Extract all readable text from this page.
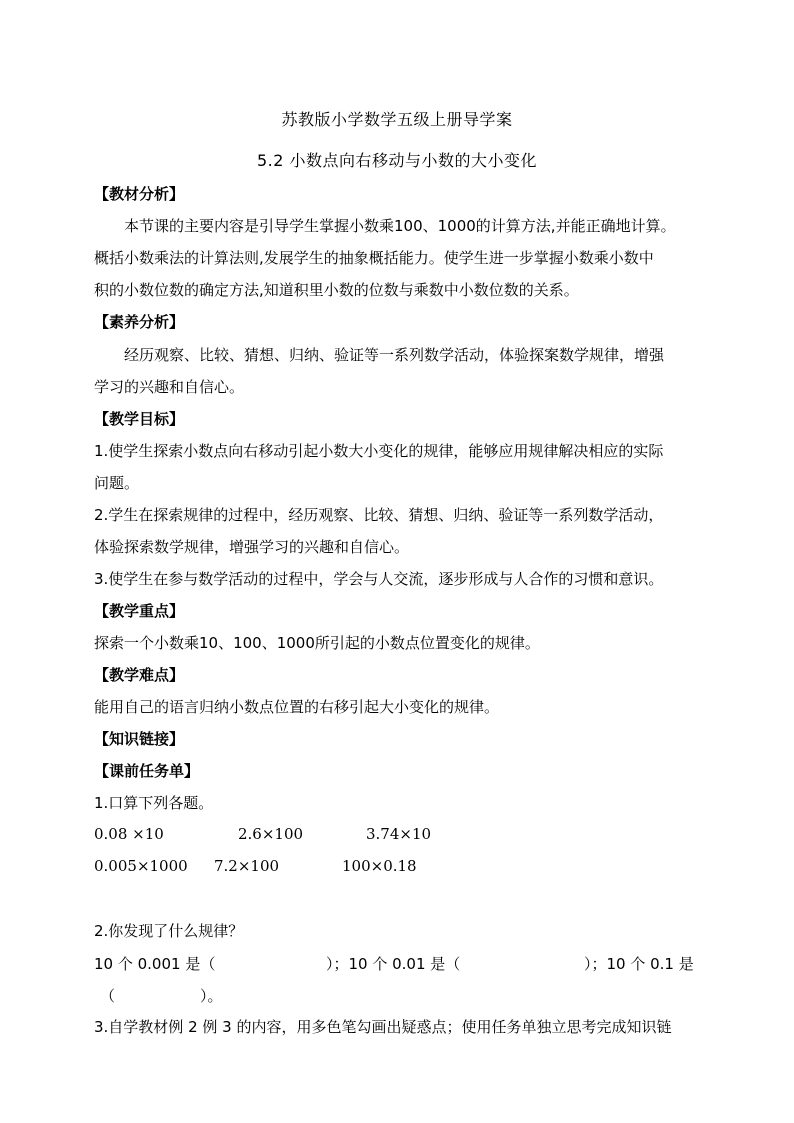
苏教版小学数学五级上册导学案
5.2 小数点向右移动与小数的大小变化
【教材分析】
本节课的主要内容是引导学生掌握小数乘100、1000的计算方法,并能正确地计算。
概括小数乘法的计算法则,发展学生的抽象概括能力。使学生进一步掌握小数乘小数中
积的小数位数的确定方法,知道积里小数的位数与乘数中小数位数的关系。
【素养分析】
经历观察、比较、猜想、归纳、验证等一系列数学活动，体验探案数学规律，增强
学习的兴趣和自信心。
【教学目标】
1.使学生探索小数点向右移动引起小数大小变化的规律，能够应用规律解决相应的实际
问题。
2.学生在探索规律的过程中，经历观察、比较、猜想、归纳、验证等一系列数学活动，
体验探索数学规律，增强学习的兴趣和自信心。
3.使学生在参与数学活动的过程中，学会与人交流，逐步形成与人合作的习惯和意识。
【教学重点】
探索一个小数乘10、100、1000所引起的小数点位置变化的规律。
【教学难点】
能用自己的语言归纳小数点位置的右移引起大小变化的规律。
【知识链接】
【课前任务单】
1.口算下列各题。
0.08 ×10	2.6×100	3.74×10
0.005×1000 7.2×100	100×0.18
2.你发现了什么规律？
10 个 0.001 是（	）；10 个 0.01 是（	）；10 个 0.1 是
（	）。
3.自学教材例 2 例 3 的内容，用多色笔勾画出疑惑点；使用任务单独立思考完成知识链
